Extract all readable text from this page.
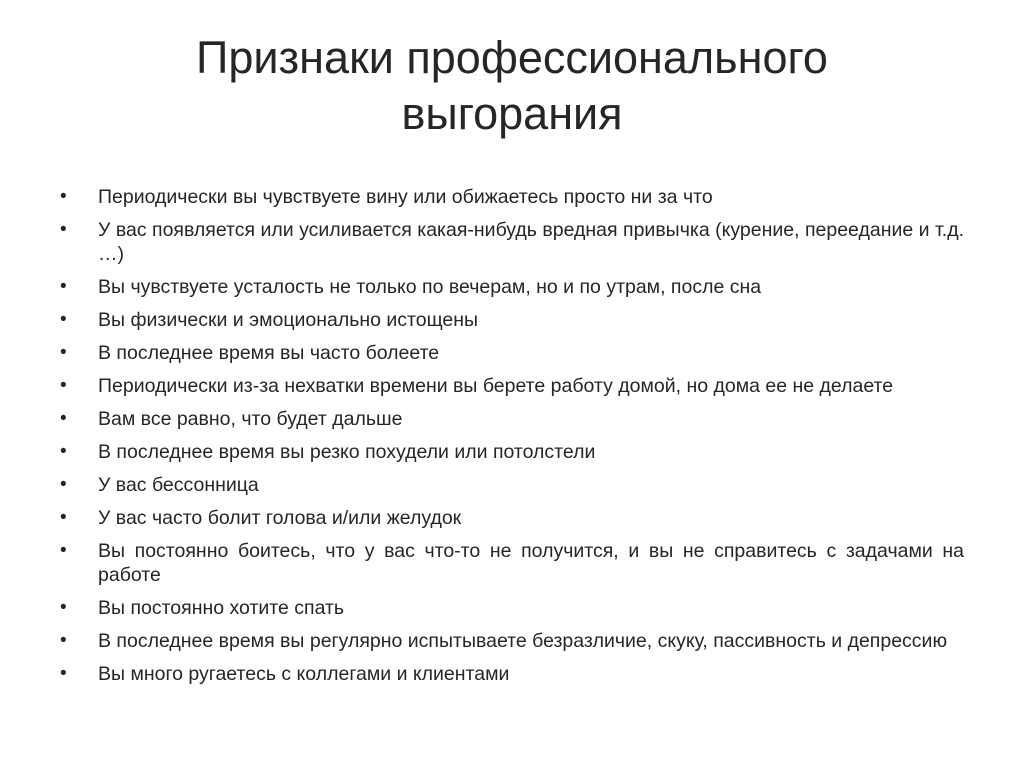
Признаки профессионального
выгорания
•	Периодически вы чувствуете вину или обижаетесь просто ни за что
•	У вас появляется или усиливается какая-нибудь вредная привычка (курение, переедание и т.д. …)
•	Вы чувствуете усталость не только по вечерам, но и по утрам, после сна
•	Вы физически и эмоционально истощены
•	В последнее время вы часто болеете
•	Периодически из-за нехватки времени вы берете работу домой, но дома ее не делаете
•	Вам все равно, что будет дальше
•	В последнее время вы резко похудели или потолстели
•	У вас бессонница
•	У вас часто болит голова и/или желудок
•	Вы постоянно боитесь, что у вас что-то не получится, и вы не справитесь с задачами на работе
•	Вы постоянно хотите спать
•	В последнее время вы регулярно испытываете безразличие, скуку, пассивность и депрессию
•	Вы много ругаетесь с коллегами и клиентами
